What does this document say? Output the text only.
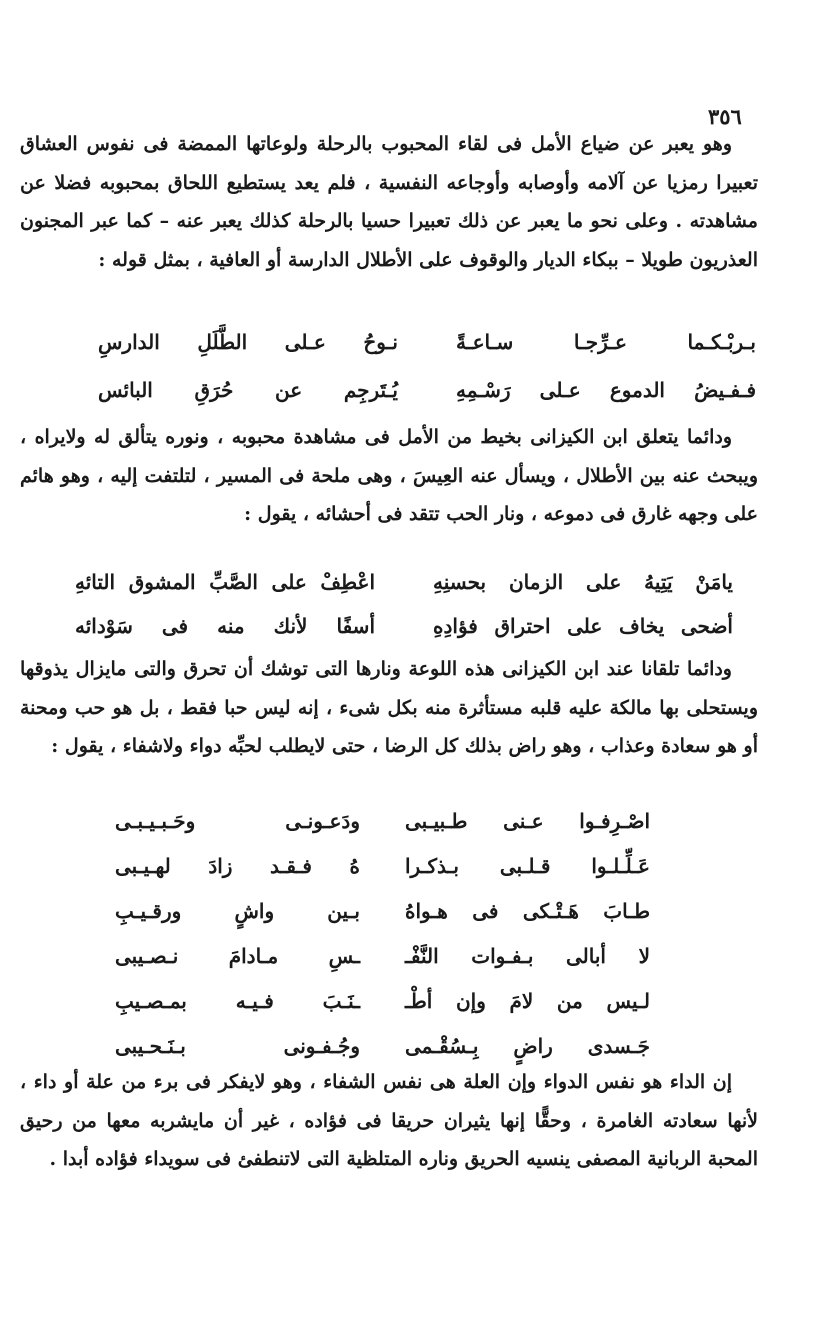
٣٥٦

وهو يعبر عن ضياع الأمل فى لقاء المحبوب بالرحلة ولوعاتها الممضة فى نفوس العشاق تعبيرا رمزيا عن آلامه وأوصابه وأوجاعه النفسية ، فلم يعد يستطيع اللحاق بمحبوبه فضلا عن مشاهدته . وعلى نحو ما يعبر عن ذلك تعبيرا حسيا بالرحلة كذلك يعبر عنه – كما عبر المجنون العذريون طويلا – ببكاء الديار والوقوف على الأطلال الدارسة أو العافية ، بمثل قوله :

بـربْـكـما عـرِّجـا سـاعـةً
نـوحُ عـلى الطَّلَلِ الدارسِ
فـفـيضُ الدموع عـلى رَسْـمِهِ
يُـتَرجِم عن حُرَقِ البائس

ودائما يتعلق ابن الكيزانى بخيط من الأمل فى مشاهدة محبوبه ، ونوره يتألق له ولايراه ، ويبحث عنه بين الأطلال ، ويسأل عنه العِيسَ ، وهى ملحة فى المسير ، لتلتفت إليه ، وهو هائم على وجهه غارق فى دموعه ، ونار الحب تتقد فى أحشائه ، يقول :

يامَنْ يَتِيهُ على الزمان بحسنِهِ
اعْطِفْ على الصَّبِّ المشوق التائهِ
أضحى يخاف على احتراق فؤادِهِ
أسفًا لأنك منه فى سَوْدائه

ودائما تلقانا عند ابن الكيزانى هذه اللوعة ونارها التى توشك أن تحرق والتى مايزال يذوقها ويستحلى بها مالكة عليه قلبه مستأثرة منه بكل شىء ، إنه ليس حبا فقط ، بل هو حب ومحنة أو هو سعادة وعذاب ، وهو راض بذلك كل الرضا ، حتى لايطلب لحبِّه دواء ولاشفاء ، يقول :

اصْـرِفـوا عـنى طـبيـبى
ودَعـونـى وحَـبـيـبـى
عَـلِّـلـوا قـلـبى بـذكـرا
هُ فـقـد زادَ لهـيـبى
طـابَ هَـتْـكى فى هـواهُ
بـين واشٍ ورقـيـبِ
لا أبالى بـفـوات النَّفْـ
ـسِ مـادامَ نـصـيبى
لـيس من لامَ وإن أطْـ
ـنَـبَ فـيـه بمـصـيبِ
جَـسدى راضٍ بِـسُقْـمى
وجُـفـونى بـنَـحـيبى

إن الداء هو نفس الدواء وإن العلة هى نفس الشفاء ، وهو لايفكر فى برء من علة أو داء ، لأنها سعادته الغامرة ، وحقًّا إنها يثيران حريقا فى فؤاده ، غير أن مايشربه معها من رحيق المحبة الربانية المصفى ينسيه الحريق وناره المتلظية التى لاتنطفئ فى سويداء فؤاده أبدا .
